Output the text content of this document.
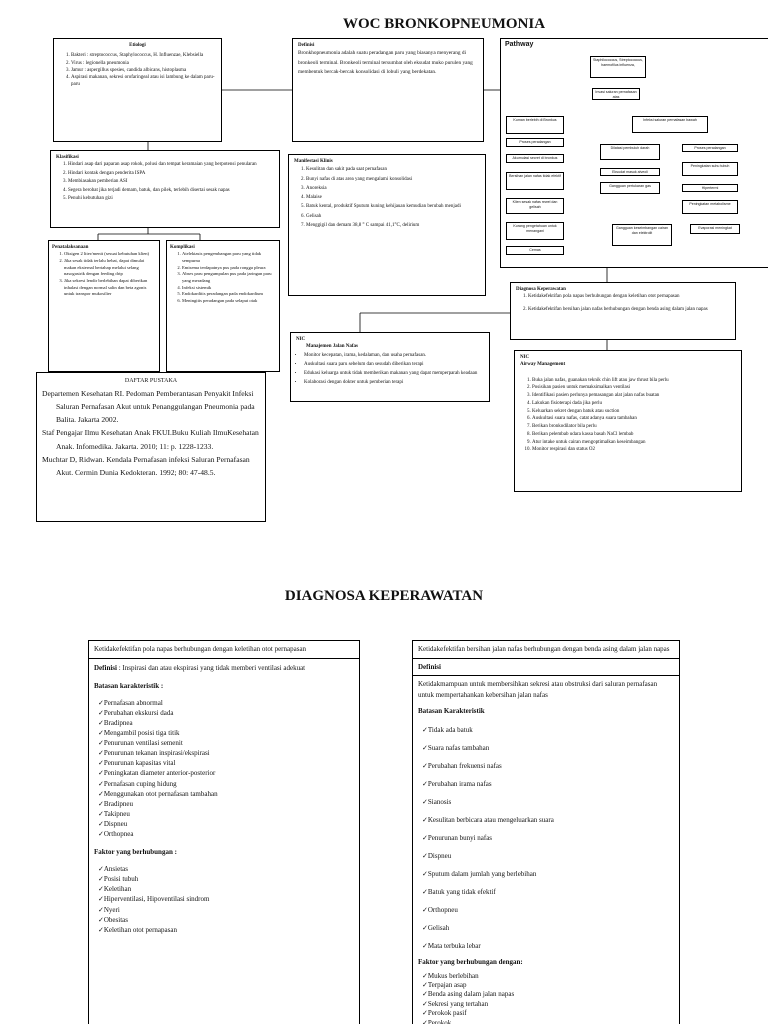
WOC BRONKOPNEUMONIA
Etiologi
1. Bakteri : streptococcus, Staphylococcus, H. Influenzae, Klebsiella
2. Virus : legionella pneumonia
3. Jamur : aspergillus spesies, candida albicans, histoplasma
4. Aspirasi makanan, sekresi orofaringeal atau isi lambung ke dalam paru-paru
Definisi
Bronkhopneumonia adalah suatu peradangan paru yang biasanya menyerang di bronkeoli terminal. Bronkeoli terminal tersumbat oleh eksudat muko purulen yang membentuk bercak-bercak konsolidasi di lobuli yang berdekatan.
Pathway
Staphilococcus, Streptococcus, haemofilus influenza,
Invasi saluran pernafasan atas
Kuman berlebih di Bronkus
Proses peradangan
Akumulasi secret di bronkus
Bersihan jalan nafas tidak efektif
Klien sesak nafas rewel dan gelisah
Kurang pengetahuan untuk menangani
Cemas
Infeksi saluran pernafasan bawah
Dilatasi pembuluh darah
Eksudat masuk alveoli
Gangguan pertukaran gas
Gangguan keseimbangan cairan dan elektrolit
Proses peradangan
Peningkatan suhu tubuh
Hipertermi
Peningkatan metabolisme
Evaporasi meningkat
Klasifikasi
1. Hindari asap dari paparan asap rokok, polusi dan tempat keramaian yang berpotensi penularan
2. Hindari kontak dengan penderita ISPA
3. Membiasakan pemberian ASI
4. Segera berobat jika terjadi demam, batuk, dan pilek, terlebih disertai sesak napas
5. Penuhi kebutuhan gizi
Manifestasi Klinis
1. Kesulitan dan sakit pada saat pernafasan
2. Bunyi nafas di atas area yang mengalami konsolidasi
3. Anoreksia
4. Malaise
5. Batuk kental, produktif Sputum kuning kehijauan kemudian berubah menjadi
6. Gelisah
7. Menggigil dan demam 38,8 ° C sampai 41,1°C, delirium
Penatalaksanaan
1. Oksigen 2 liter/menit (sesuai kebutuhan klien)
2. Jika sesak tidak terlalu hebat, dapat dimulai makan eksternal bertahap melalui selang nasogastrik dengan feeding drip
3. Jika sekresi lendir berlebihan dapat diberikan inhalasi dengan normal salin dan beta agonis untuk transpor mukosilier
Komplikasi
1. Atelektasis pengembangan paru yang tidak sempurna
2. Emisema terdapatnya pus pada rongga pleura
3. Abses paru pengumpulan pus pada jaringan paru yang meradang
4. Infeksi sistemik
5. Endokarditis peradangan pada endokardium
6. Meningitis peradangan pada selaput otak
Diagnosa Keperawatan
1. Ketidakefektifan pola napas berhubungan dengan keletihan otot pernapasan
2. Ketidakefektifan bersihan jalan nafas berhubungan dengan benda asing dalam jalan napas
NIC
Manajemen Jalan Nafas
• Monitor kecepatan, irama, kedalaman, dan usaha pernafasan.
• Auskultasi suara paru sebelum dan sesudah diberikan terapi
• Edukasi keluarga untuk tidak memberikan makanan yang dapat memperparah keadaan
• Kolaborasi dengan dokter untuk pemberian terapi
NIC
Airway Management
1. Buka jalan nafas, guanakan teknik chin lift atau jaw thrust bila perlu
2. Posisikan pasien untuk memaksimalkan ventilasi
3. Identifikasi pasien perlunya pemasangan alat jalan nafas buatan
4. Lakukan fisioterapi dada jika perlu
5. Keluarkan sekret dengan batuk atau suction
6. Auskultasi suara nafas, catat adanya suara tambahan
7. Berikan bronkodilator bila perlu
8. Berikan pelembab udara kassa basah NaCl lembab
9. Atur intake untuk cairan mengoptimalkan keseimbangan
10. Monitor respirasi dan status O2
DAFTAR PUSTAKA
Departemen Kesehatan RI. Pedoman Pemberantasan Penyakit Infeksi Saluran Pernafasan Akut untuk Penanggulangan Pneumonia pada Balita. Jakarta 2002.
Staf Pengajar Ilmu Kesehatan Anak FKUI.Buku Kuliah IlmuKesehatan Anak. Infomedika. Jakarta. 2010; 11: p. 1228-1233.
Muchtar D, Ridwan. Kendala Pernafasan infeksi Saluran Pernafasan Akut. Cermin Dunia Kedokteran. 1992; 80: 47-48.5.
DIAGNOSA KEPERAWATAN
Ketidakefektifan pola napas berhubungan dengan keletihan otot pernapasan
Definisi : Inspirasi dan atau ekspirasi yang tidak memberi ventilasi adekuat
Batasan karakteristik :
✓ Pernafasan abnormal
✓ Perubahan ekskursi dada
✓ Bradipnea
✓ Mengambil posisi tiga titik
✓ Penurunan ventilasi semenit
✓ Penurunan tekanan inspirasi/ekspirasi
✓ Penurunan kapasitas vital
✓ Peningkatan diameter anterior-posterior
✓ Pernafasan cuping hidung
✓ Menggunakan otot pernafasan tambahan
✓ Bradipneu
✓ Takipneu
✓ Dispneu
✓ Orthopnea
Faktor yang berhubungan :
✓ Ansietas
✓ Posisi tubuh
✓ Keletihan
✓ Hiperventilasi, Hipoventilasi sindrom
✓ Nyeri
✓ Obesitas
✓ Keletihan otot pernapasan
Ketidakefektifan bersihan jalan nafas berhubungan dengan benda asing dalam jalan napas
Definisi
Ketidakmampuan untuk membersihkan sekresi atau obstruksi dari saluran pernafasan untuk mempertahankan kebersihan jalan nafas
Batasan Karakteristik
✓ Tidak ada batuk
✓ Suara nafas tambahan
✓ Perubahan frekuensi nafas
✓ Perubahan irama nafas
✓ Sianosis
✓ Kesulitan berbicara atau mengeluarkan suara
✓ Penurunan bunyi nafas
✓ Dispneu
✓ Sputum dalam jumlah yang berlebihan
✓ Batuk yang tidak efektif
✓ Orthopneu
✓ Gelisah
✓ Mata terbuka lebar
Faktor yang berhubungan dengan:
✓ Mukus berlebihan
✓ Terpajan asap
✓ Benda asing dalam jalan napas
✓ Sekresi yang tertahan
✓ Perokok pasif
✓ Perokok
